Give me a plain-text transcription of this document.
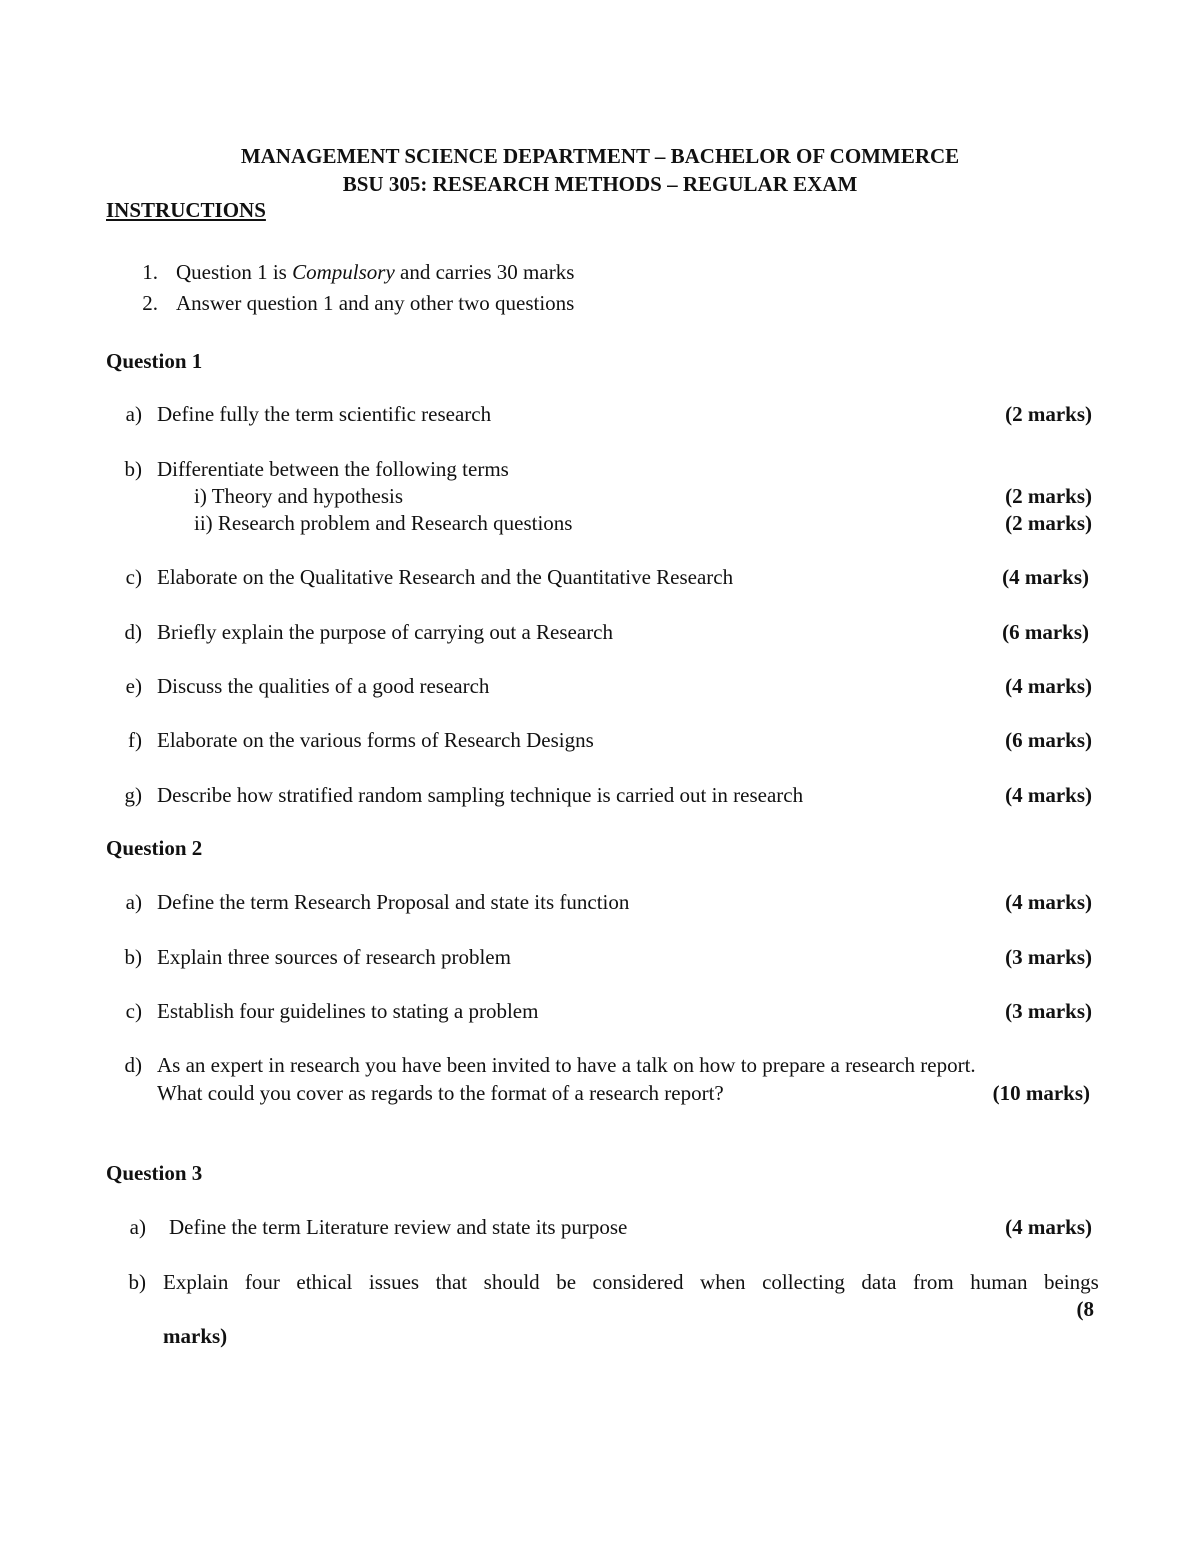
MANAGEMENT SCIENCE DEPARTMENT – BACHELOR OF COMMERCE
BSU 305: RESEARCH METHODS – REGULAR EXAM
INSTRUCTIONS
1. Question 1 is Compulsory and carries 30 marks
2. Answer question 1 and any other two questions
Question 1
a) Define fully the term scientific research	(2 marks)
b) Differentiate between the following terms
i) Theory and hypothesis	(2 marks)
ii) Research problem and Research questions	(2 marks)
c) Elaborate on the Qualitative Research and the Quantitative Research	(4 marks)
d) Briefly explain the purpose of carrying out a Research	(6 marks)
e) Discuss the qualities of a good research	(4 marks)
f) Elaborate on the various forms of Research Designs	(6 marks)
g) Describe how stratified random sampling technique is carried out in research	(4 marks)
Question 2
a) Define the term Research Proposal and state its function	(4 marks)
b) Explain three sources of research problem	(3 marks)
c) Establish four guidelines to stating a problem	(3 marks)
d) As an expert in research you have been invited to have a talk on how to prepare a research report.
What could you cover as regards to the format of a research report?	(10 marks)
Question 3
a) Define the term Literature review and state its purpose	(4 marks)
b) Explain four ethical issues that should be considered when collecting data from human beings
(8
marks)
